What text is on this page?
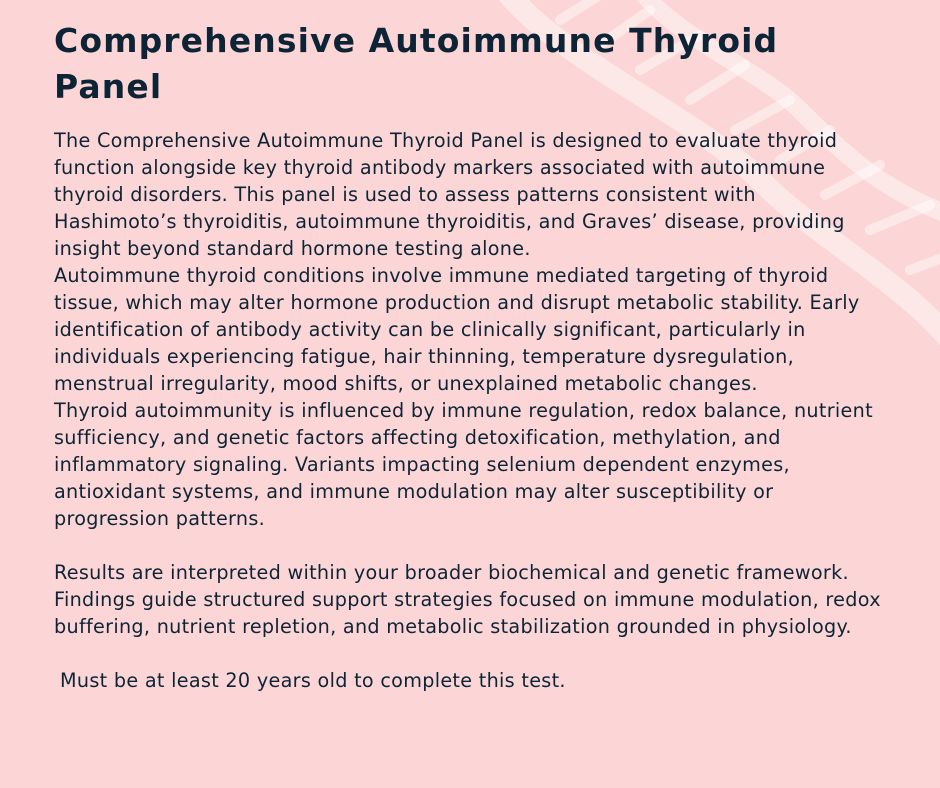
Comprehensive Autoimmune Thyroid Panel

The Comprehensive Autoimmune Thyroid Panel is designed to evaluate thyroid function alongside key thyroid antibody markers associated with autoimmune thyroid disorders. This panel is used to assess patterns consistent with Hashimoto’s thyroiditis, autoimmune thyroiditis, and Graves’ disease, providing insight beyond standard hormone testing alone.

Autoimmune thyroid conditions involve immune mediated targeting of thyroid tissue, which may alter hormone production and disrupt metabolic stability. Early identification of antibody activity can be clinically significant, particularly in individuals experiencing fatigue, hair thinning, temperature dysregulation, menstrual irregularity, mood shifts, or unexplained metabolic changes.

Thyroid autoimmunity is influenced by immune regulation, redox balance, nutrient sufficiency, and genetic factors affecting detoxification, methylation, and inflammatory signaling. Variants impacting selenium dependent enzymes, antioxidant systems, and immune modulation may alter susceptibility or progression patterns.

Results are interpreted within your broader biochemical and genetic framework. Findings guide structured support strategies focused on immune modulation, redox buffering, nutrient repletion, and metabolic stabilization grounded in physiology.

Must be at least 20 years old to complete this test.
